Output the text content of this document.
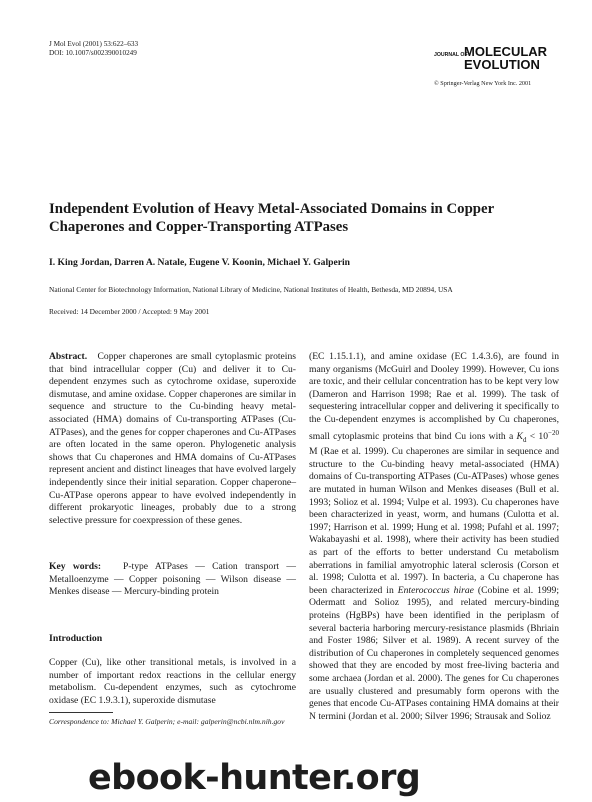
J Mol Evol (2001) 53:622–633
DOI: 10.1007/s002390010249	JOURNAL OF
MOLECULAR
EVOLUTION
© Springer-Verlag New York Inc. 2001
Independent Evolution of Heavy Metal-Associated Domains in Copper Chaperones and Copper-Transporting ATPases
I. King Jordan, Darren A. Natale, Eugene V. Koonin, Michael Y. Galperin
National Center for Biotechnology Information, National Library of Medicine, National Institutes of Health, Bethesda, MD 20894, USA
Received: 14 December 2000 / Accepted: 9 May 2001

Abstract. Copper chaperones are small cytoplasmic proteins that bind intracellular copper (Cu) and deliver it to Cu-dependent enzymes such as cytochrome oxidase, superoxide dismutase, and amine oxidase. Copper chaperones are similar in sequence and structure to the Cu-binding heavy metal-associated (HMA) domains of Cu-transporting ATPases (Cu-ATPases), and the genes for copper chaperones and Cu-ATPases are often located in the same operon. Phylogenetic analysis shows that Cu chaperones and HMA domains of Cu-ATPases represent ancient and distinct lineages that have evolved largely independently since their initial separation. Copper chaperone–Cu-ATPase operons appear to have evolved independently in different prokaryotic lineages, probably due to a strong selective pressure for coexpression of these genes.

Key words: P-type ATPases — Cation transport — Metalloenzyme — Copper poisoning — Wilson disease — Menkes disease — Mercury-binding protein

Introduction

Copper (Cu), like other transitional metals, is involved in a number of important redox reactions in the cellular energy metabolism. Cu-dependent enzymes, such as cytochrome oxidase (EC 1.9.3.1), superoxide dismutase

Correspondence to: Michael Y. Galperin; e-mail: galperin@ncbi.nlm.nih.gov

(EC 1.15.1.1), and amine oxidase (EC 1.4.3.6), are found in many organisms (McGuirl and Dooley 1999). However, Cu ions are toxic, and their cellular concentration has to be kept very low (Dameron and Harrison 1998; Rae et al. 1999). The task of sequestering intracellular copper and delivering it specifically to the Cu-dependent enzymes is accomplished by Cu chaperones, small cytoplasmic proteins that bind Cu ions with a $K_d < 10^{-20}$ M (Rae et al. 1999). Cu chaperones are similar in sequence and structure to the Cu-binding heavy metal-associated (HMA) domains of Cu-transporting ATPases (Cu-ATPases) whose genes are mutated in human Wilson and Menkes diseases (Bull et al. 1993; Solioz et al. 1994; Vulpe et al. 1993). Cu chaperones have been characterized in yeast, worm, and humans (Culotta et al. 1997; Harrison et al. 1999; Hung et al. 1998; Pufahl et al. 1997; Wakabayashi et al. 1998), where their activity has been studied as part of the efforts to better understand Cu metabolism aberrations in familial amyotrophic lateral sclerosis (Corson et al. 1998; Culotta et al. 1997). In bacteria, a Cu chaperone has been characterized in Enterococcus hirae (Cobine et al. 1999; Odermatt and Solioz 1995), and related mercury-binding proteins (HgBPs) have been identified in the periplasm of several bacteria harboring mercury-resistance plasmids (Bhriain and Foster 1986; Silver et al. 1989). A recent survey of the distribution of Cu chaperones in completely sequenced genomes showed that they are encoded by most free-living bacteria and some archaea (Jordan et al. 2000). The genes for Cu chaperones are usually clustered and presumably form operons with the genes that encode Cu-ATPases containing HMA domains at their N termini (Jordan et al. 2000; Silver 1996; Strausak and Solioz

ebook-hunter.org
